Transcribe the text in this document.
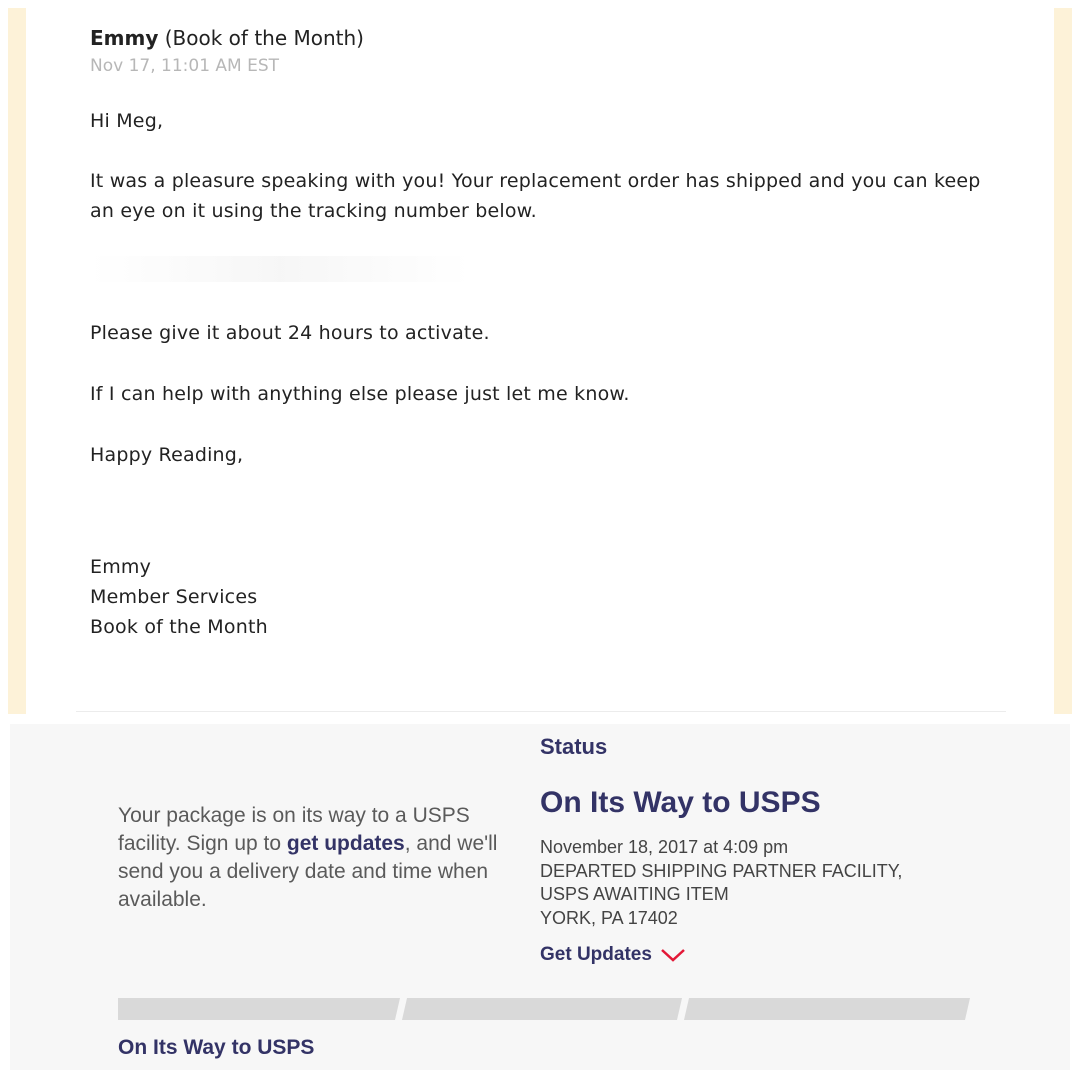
Emmy (Book of the Month)

Nov 17, 11:01 AM EST

Hi Meg,

It was a pleasure speaking with you! Your replacement order has shipped and you can keep

an eye on it using the tracking number below.

Please give it about 24 hours to activate.

If I can help with anything else please just let me know.

Happy Reading,

Emmy

Member Services

Book of the Month

Your package is on its way to a USPS facility. Sign up to get updates, and we'll send you a delivery date and time when available.
Status
On Its Way to USPS
November 18, 2017 at 4:09 pm
DEPARTED SHIPPING PARTNER FACILITY,
USPS AWAITING ITEM
YORK, PA 17402
Get Updates
On Its Way to USPS
